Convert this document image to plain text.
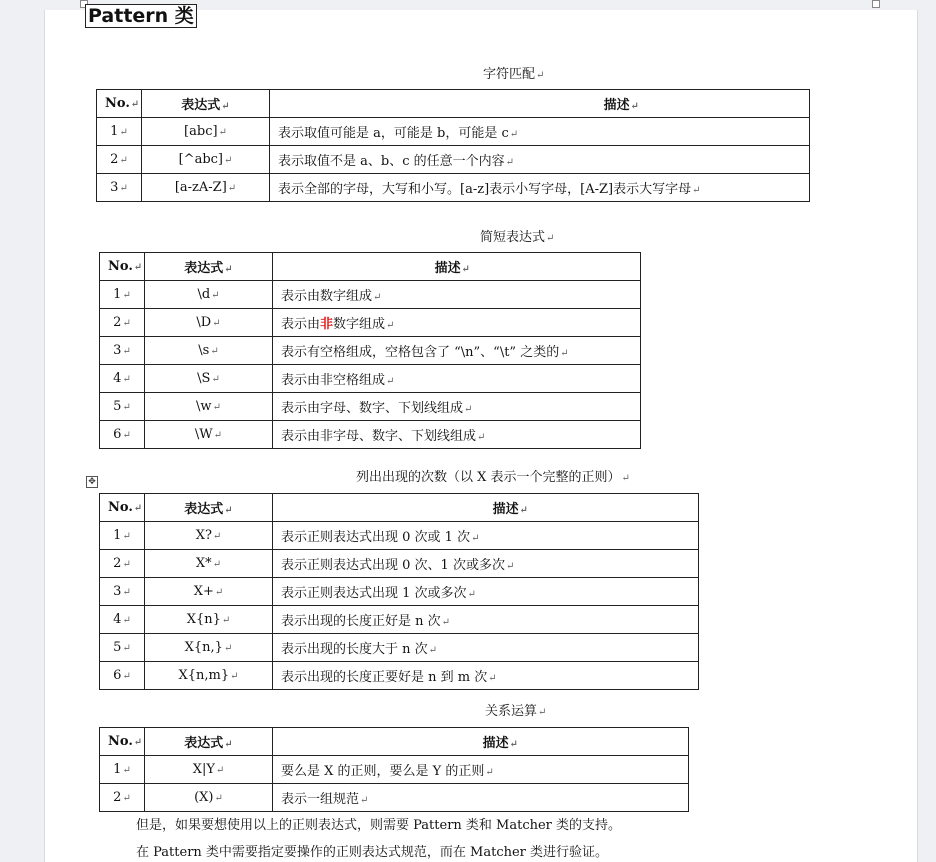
Pattern 类
字符匹配↵
No.↵	表达式↵	描述↵
1↵	[abc]↵	表示取值可能是 a，可能是 b，可能是 c↵
2↵	[^abc]↵	表示取值不是 a、b、c 的任意一个内容↵
3↵	[a-zA-Z]↵	表示全部的字母，大写和小写。[a-z]表示小写字母，[A-Z]表示大写字母↵
简短表达式↵
No.↵	表达式↵	描述↵
1↵	\d↵	表示由数字组成↵
2↵	\D↵	表示由非数字组成↵
3↵	\s↵	表示有空格组成，空格包含了 “\n”、“\t” 之类的↵
4↵	\S↵	表示由非空格组成↵
5↵	\w↵	表示由字母、数字、下划线组成↵
6↵	\W↵	表示由非字母、数字、下划线组成↵
列出出现的次数（以 X 表示一个完整的正则）↵
No.↵	表达式↵	描述↵
1↵	X?↵	表示正则表达式出现 0 次或 1 次↵
2↵	X*↵	表示正则表达式出现 0 次、1 次或多次↵
3↵	X+↵	表示正则表达式出现 1 次或多次↵
4↵	X{n}↵	表示出现的长度正好是 n 次↵
5↵	X{n,}↵	表示出现的长度大于 n 次↵
6↵	X{n,m}↵	表示出现的长度正要好是 n 到 m 次↵
关系运算↵
No.↵	表达式↵	描述↵
1↵	X|Y↵	要么是 X 的正则，要么是 Y 的正则↵
2↵	(X)↵	表示一组规范↵
✥

但是，如果要想使用以上的正则表达式，则需要 Pattern 类和 Matcher 类的支持。

在 Pattern 类中需要指定要操作的正则表达式规范，而在 Matcher 类进行验证。
